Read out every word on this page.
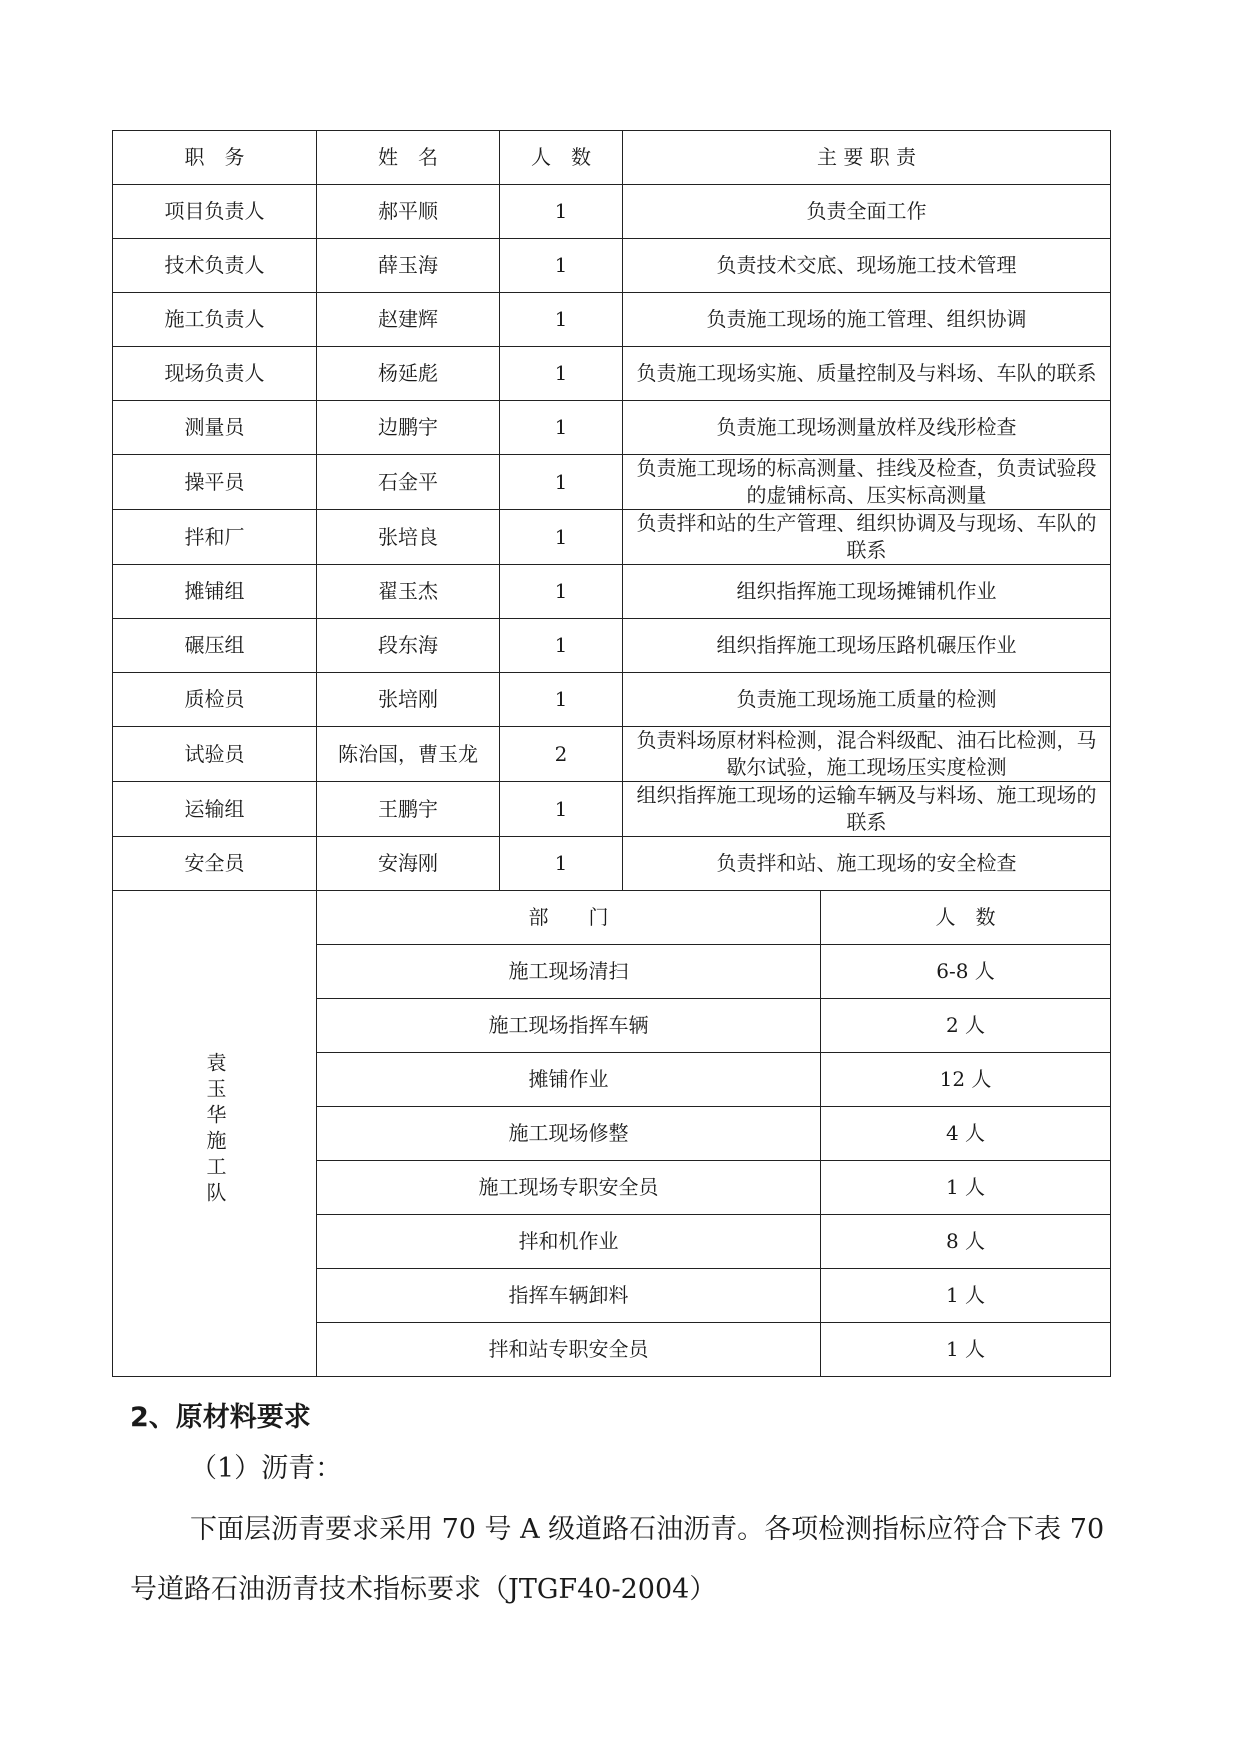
职　务	姓　名	人　数	主 要 职 责	
项目负责人	郝平顺	1	负责全面工作	
技术负责人	薛玉海	1	负责技术交底、现场施工技术管理	
施工负责人	赵建辉	1	负责施工现场的施工管理、组织协调	
现场负责人	杨延彪	1	负责施工现场实施、质量控制及与料场、车队的联系	
测量员	边鹏宇	1	负责施工现场测量放样及线形检查	
操平员	石金平	1	负责施工现场的标高测量、挂线及检查，负责试验段的虚铺标高、压实标高测量	
拌和厂	张培良	1	负责拌和站的生产管理、组织协调及与现场、车队的联系	
摊铺组	翟玉杰	1	组织指挥施工现场摊铺机作业	
碾压组	段东海	1	组织指挥施工现场压路机碾压作业	
质检员	张培刚	1	负责施工现场施工质量的检测	
试验员	陈治国，曹玉龙	2	负责料场原材料检测，混合料级配、油石比检测，马歇尔试验，施工现场压实度检测	
运输组	王鹏宇	1	组织指挥施工现场的运输车辆及与料场、施工现场的联系	
安全员	安海刚	1	负责拌和站、施工现场的安全检查	
袁玉华施工队	部　　门			人　数
	施工现场清扫			6-8 人
	施工现场指挥车辆			2 人
	摊铺作业			12 人
	施工现场修整			4 人
	施工现场专职安全员			1 人
	拌和机作业			8 人
	指挥车辆卸料			1 人
	拌和站专职安全员			1 人
2、原材料要求
（1）沥青：
下面层沥青要求采用 70 号 A 级道路石油沥青。各项检测指标应符合下表 70 号道路石油沥青技术指标要求（JTGF40-2004）
